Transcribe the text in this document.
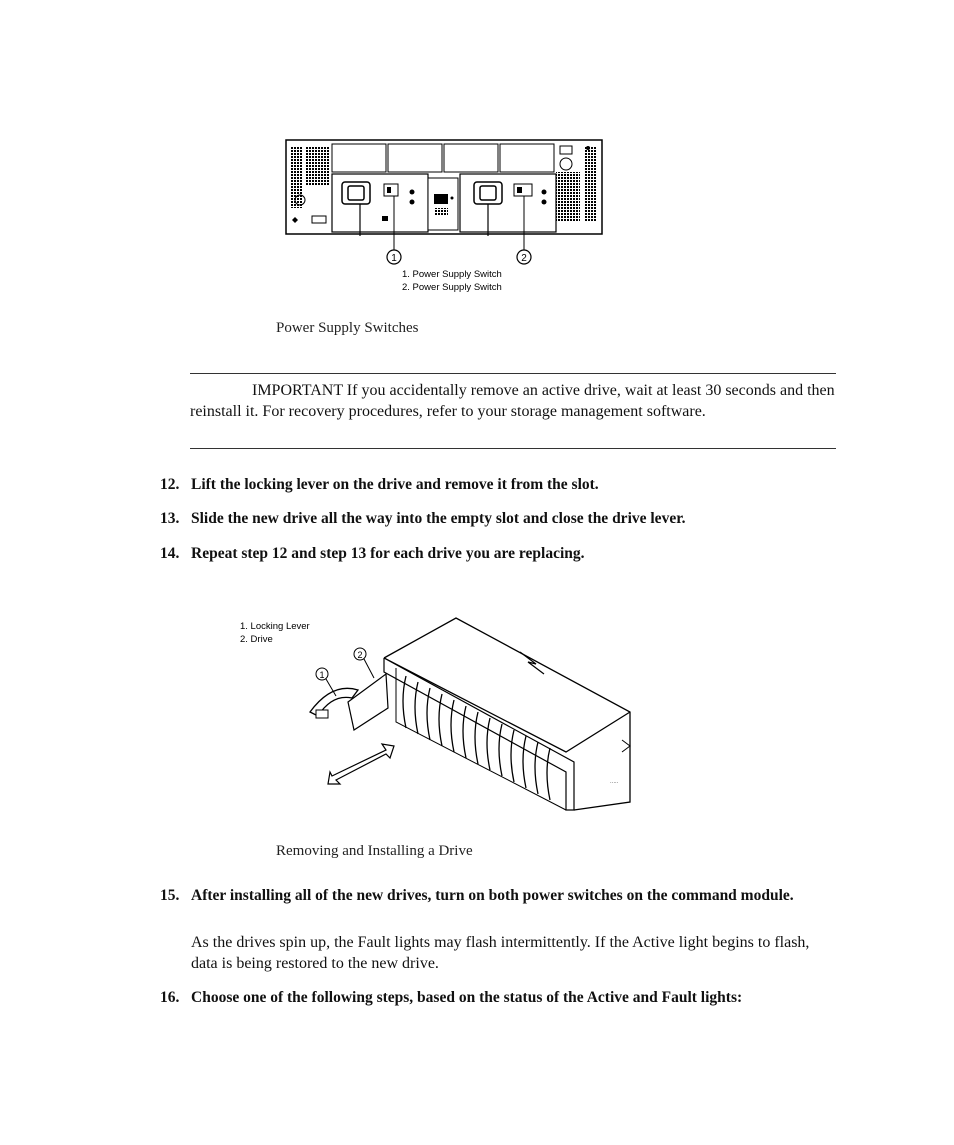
1	2
1. Power Supply Switch
2. Power Supply Switch
Power Supply Switches
IMPORTANT If you accidentally remove an active drive, wait at least 30 seconds and then reinstall it. For recovery procedures, refer to your storage management software.
12. Lift the locking lever on the drive and remove it from the slot.
13. Slide the new drive all the way into the empty slot and close the drive lever.
14. Repeat step 12 and step 13 for each drive you are replacing.
1. Locking Lever
2. Drive
1
2
·····
Removing and Installing a Drive
15. After installing all of the new drives, turn on both power switches on the command module.
As the drives spin up, the Fault lights may flash intermittently. If the Active light begins to flash, data is being restored to the new drive.
16. Choose one of the following steps, based on the status of the Active and Fault lights:
